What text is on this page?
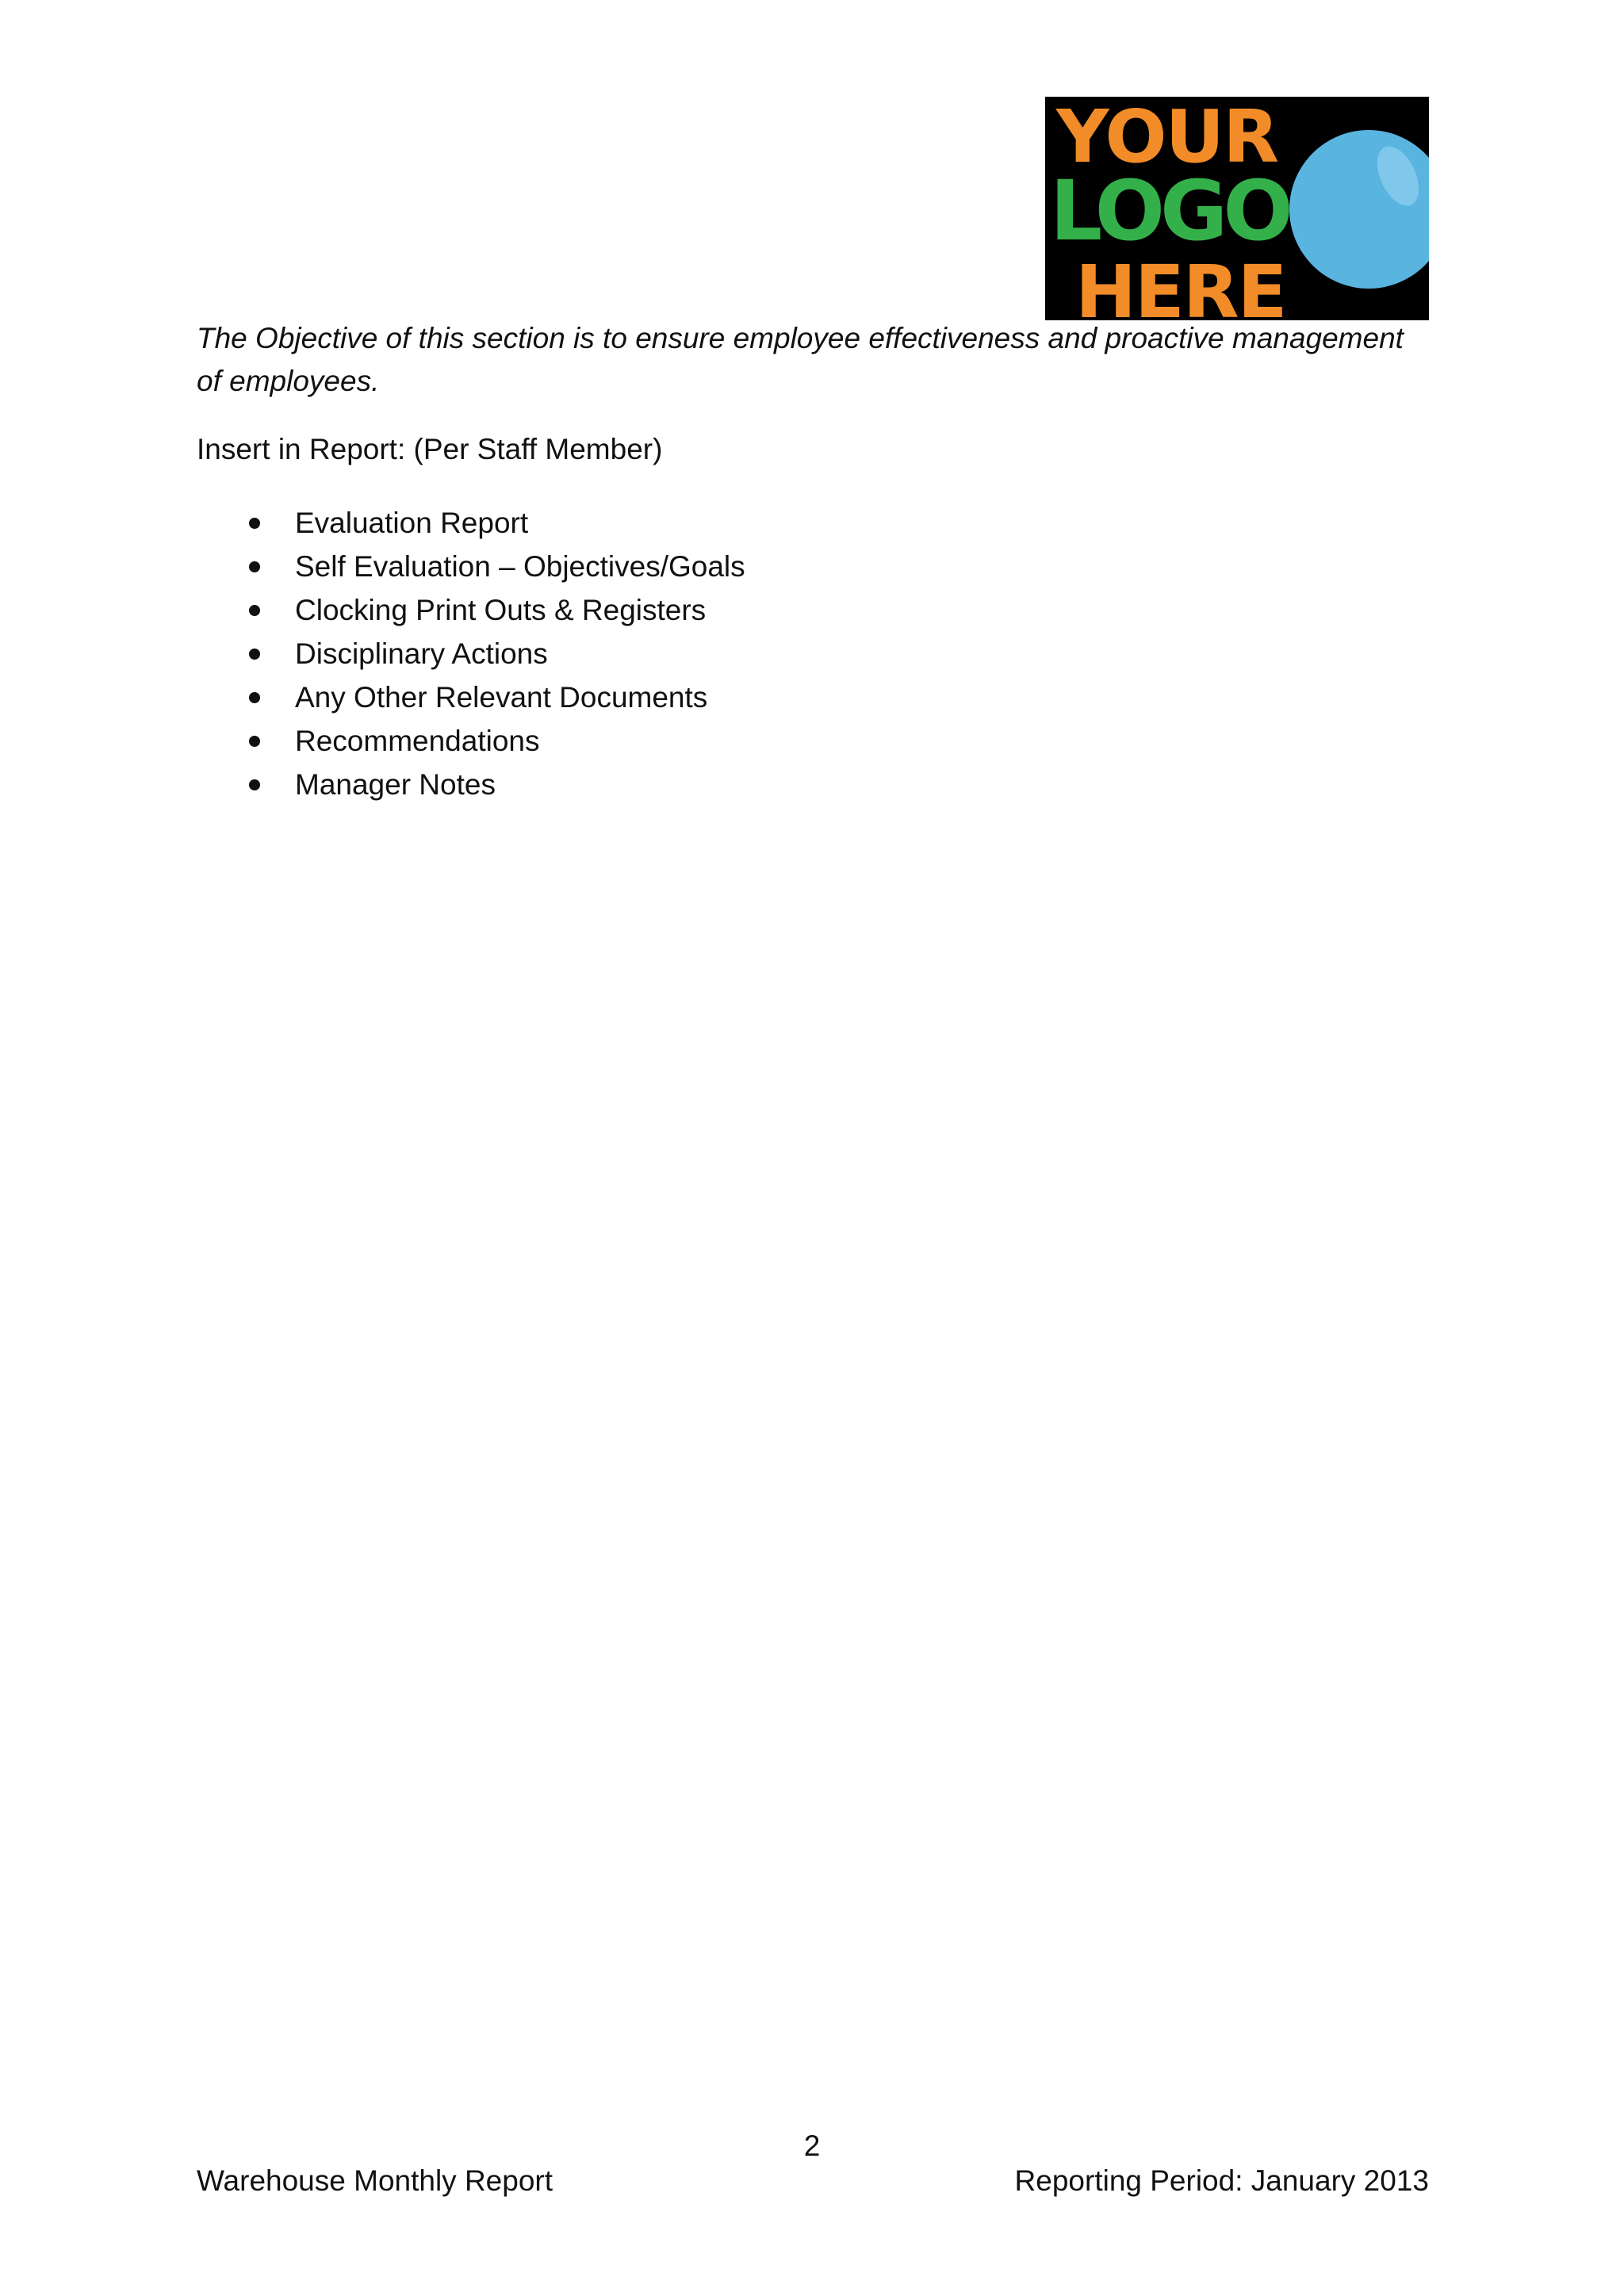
YOUR
LOGO
HERE
The Objective of this section is to ensure employee effectiveness and proactive management of employees.
Insert in Report: (Per Staff Member)
Evaluation Report
Self Evaluation – Objectives/Goals
Clocking Print Outs & Registers
Disciplinary Actions
Any Other Relevant Documents
Recommendations
Manager Notes
2
Warehouse Monthly Report	Reporting Period: January 2013
